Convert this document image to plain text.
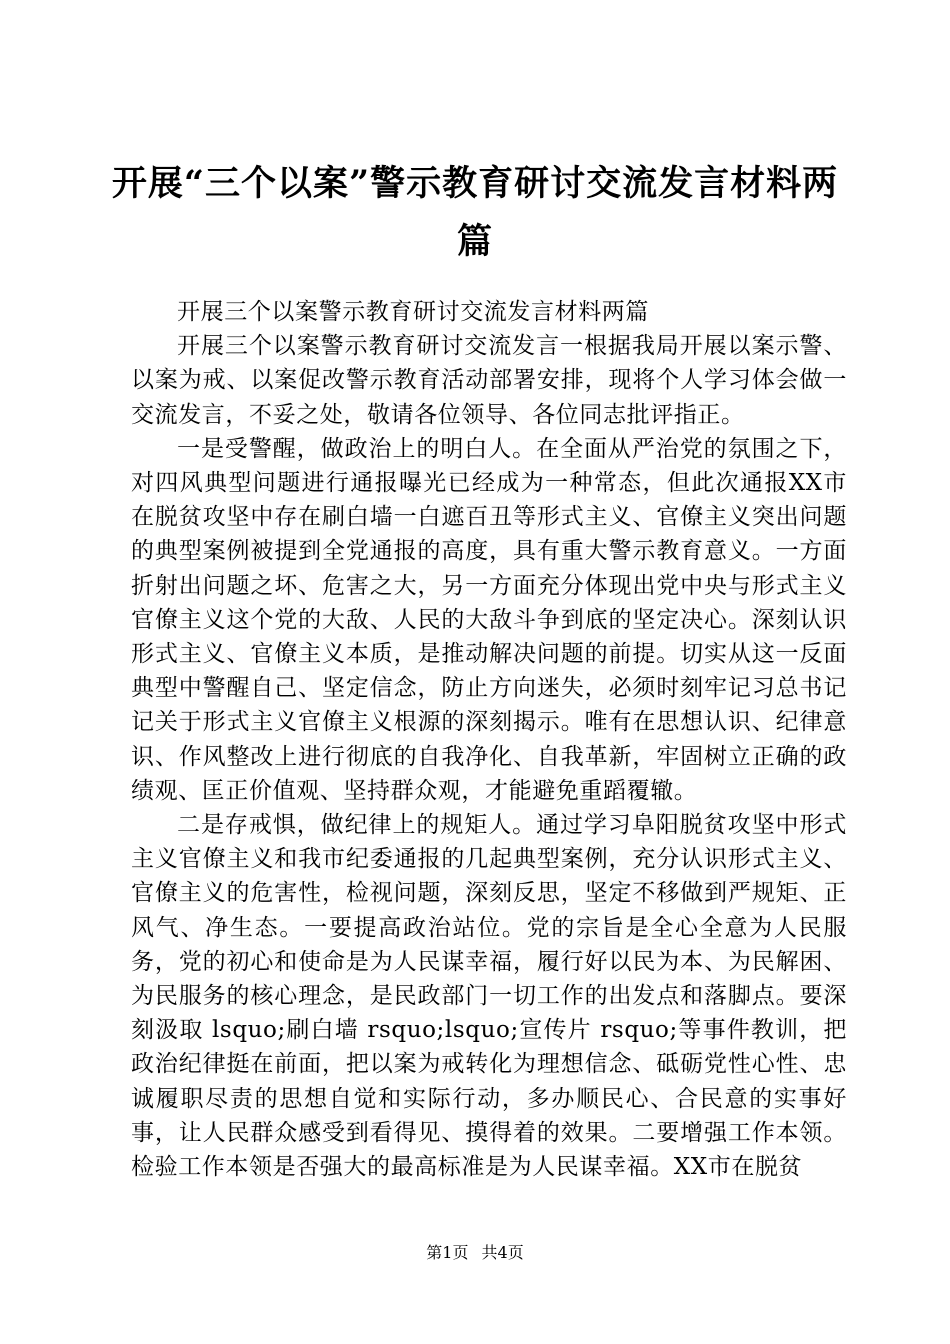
开展“三个以案”警示教育研讨交流发言材料两篇

开展三个以案警示教育研讨交流发言材料两篇

开展三个以案警示教育研讨交流发言一根据我局开展以案示警、以案为戒、以案促改警示教育活动部署安排，现将个人学习体会做一交流发言，不妥之处，敬请各位领导、各位同志批评指正。

一是受警醒，做政治上的明白人。在全面从严治党的氛围之下，对四风典型问题进行通报曝光已经成为一种常态，但此次通报XX市在脱贫攻坚中存在刷白墙一白遮百丑等形式主义、官僚主义突出问题的典型案例被提到全党通报的高度，具有重大警示教育意义。一方面折射出问题之坏、危害之大，另一方面充分体现出党中央与形式主义官僚主义这个党的大敌、人民的大敌斗争到底的坚定决心。深刻认识形式主义、官僚主义本质，是推动解决问题的前提。切实从这一反面典型中警醒自己、坚定信念，防止方向迷失，必须时刻牢记习总书记记关于形式主义官僚主义根源的深刻揭示。唯有在思想认识、纪律意识、作风整改上进行彻底的自我净化、自我革新，牢固树立正确的政绩观、匡正价值观、坚持群众观，才能避免重蹈覆辙。

二是存戒惧，做纪律上的规矩人。通过学习阜阳脱贫攻坚中形式主义官僚主义和我市纪委通报的几起典型案例，充分认识形式主义、官僚主义的危害性，检视问题，深刻反思，坚定不移做到严规矩、正风气、净生态。一要提高政治站位。党的宗旨是全心全意为人民服务，党的初心和使命是为人民谋幸福，履行好以民为本、为民解困、为民服务的核心理念，是民政部门一切工作的出发点和落脚点。要深刻汲取 lsquo;刷白墙 rsquo;lsquo;宣传片 rsquo;等事件教训，把政治纪律挺在前面，把以案为戒转化为理想信念、砥砺党性心性、忠诚履职尽责的思想自觉和实际行动，多办顺民心、合民意的实事好事，让人民群众感受到看得见、摸得着的效果。二要增强工作本领。检验工作本领是否强大的最高标准是为人民谋幸福。XX市在脱贫

第1页 共4页
